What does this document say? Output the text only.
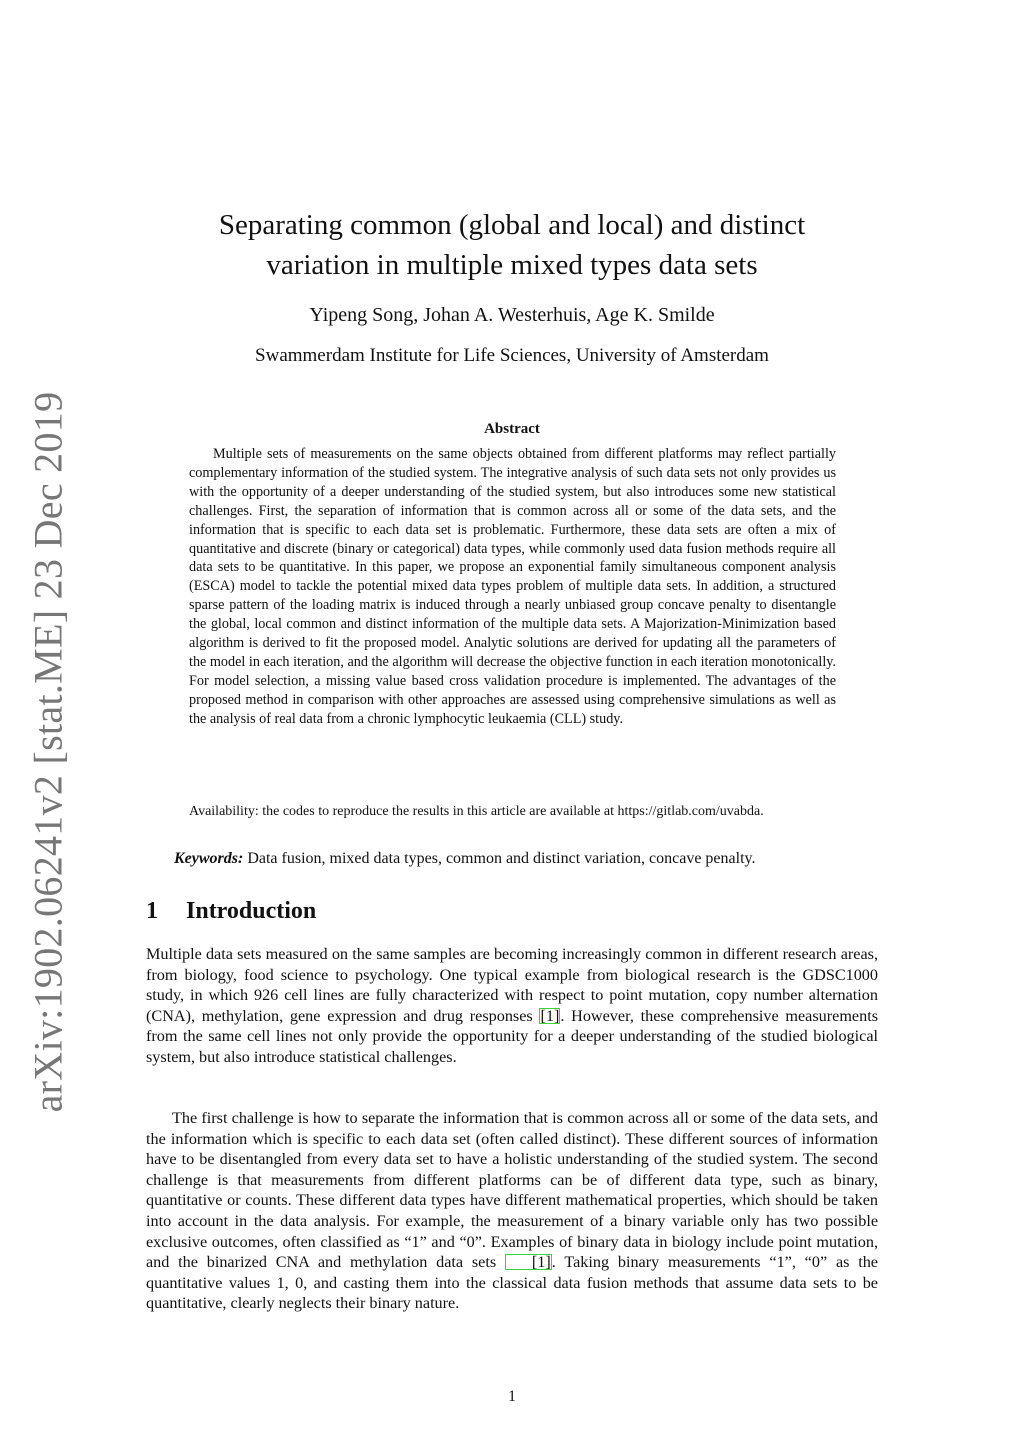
arXiv:1902.06241v2 [stat.ME] 23 Dec 2019
Separating common (global and local) and distinct
variation in multiple mixed types data sets
Yipeng Song, Johan A. Westerhuis, Age K. Smilde
Swammerdam Institute for Life Sciences, University of Amsterdam
Abstract

Multiple sets of measurements on the same objects obtained from different platforms may reflect partially complementary information of the studied system. The integrative analysis of such data sets not only provides us with the opportunity of a deeper understanding of the studied system, but also introduces some new statistical challenges. First, the separation of information that is common across all or some of the data sets, and the information that is specific to each data set is problematic. Furthermore, these data sets are often a mix of quantitative and discrete (binary or categorical) data types, while commonly used data fusion methods require all data sets to be quantitative. In this paper, we propose an exponential family simultaneous component analysis (ESCA) model to tackle the potential mixed data types problem of multiple data sets. In addition, a structured sparse pattern of the loading matrix is induced through a nearly unbiased group concave penalty to disentangle the global, local common and distinct information of the multiple data sets. A Majorization-Minimization based algorithm is derived to fit the proposed model. Analytic solutions are derived for updating all the parameters of the model in each iteration, and the algorithm will decrease the objective function in each iteration monotonically. For model selection, a missing value based cross validation procedure is implemented. The advantages of the proposed method in comparison with other approaches are assessed using comprehensive simulations as well as the analysis of real data from a chronic lymphocytic leukaemia (CLL) study.

Availability: the codes to reproduce the results in this article are available at https://gitlab.com/uvabda.
Keywords: Data fusion, mixed data types, common and distinct variation, concave penalty.
1 Introduction

Multiple data sets measured on the same samples are becoming increasingly common in different research areas, from biology, food science to psychology. One typical example from biological research is the GDSC1000 study, in which 926 cell lines are fully characterized with respect to point mutation, copy number alternation (CNA), methylation, gene expression and drug responses [1]. However, these comprehensive measurements from the same cell lines not only provide the opportunity for a deeper understanding of the studied biological system, but also introduce statistical challenges.

The first challenge is how to separate the information that is common across all or some of the data sets, and the information which is specific to each data set (often called distinct). These different sources of information have to be disentangled from every data set to have a holistic understanding of the studied system. The second challenge is that measurements from different platforms can be of different data type, such as binary, quantitative or counts. These different data types have different mathematical properties, which should be taken into account in the data analysis. For example, the measurement of a binary variable only has two possible exclusive outcomes, often classified as “1” and “0”. Examples of binary data in biology include point mutation, and the binarized CNA and methylation data sets [1]. Taking binary measurements “1”, “0” as the quantitative values 1, 0, and casting them into the classical data fusion methods that assume data sets to be quantitative, clearly neglects their binary nature.

1
